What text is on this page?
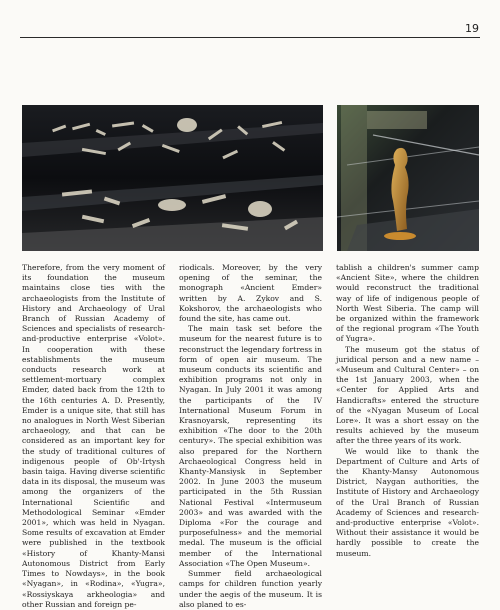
19

Therefore, from the very moment of its foundation the museum maintains close ties with the archaeologists from the Institute of History and Archaeology of Ural Branch of Russian Academy of Sciences and specialists of research-and-productive enterprise «Volot». In cooperation with these establishments the museum conducts research work at settlement-mortuary complex Emder, dated back from the 12th to the 16th centuries A. D. Presently, Emder is a unique site, that still has no analogues in North West Siberian archaeology, and that can be considered as an important key for the study of traditional cultures of indigenous people of Ob'-Irtysh basin taiga. Having diverse scientific data in its disposal, the museum was among the organizers of the International Scientific and Methodological Seminar «Emder 2001», which was held in Nyagan. Some results of excavation at Emder were published in the textbook «History of Khanty-Mansi Autonomous District from Early Times to Nowdays», in the book «Nyagan», in «Rodina», «Yugra», «Rossiyskaya arkheologia» and other Russian and foreign pe-

riodicals. Moreover, by the very opening of the seminar, the monograph «Ancient Emder» written by A. Zykov and S. Kokshorov, the archaeologists who found the site, has came out.

The main task set before the museum for the nearest future is to reconstruct the legendary fortress in form of open air museum. The museum conducts its scientific and exhibition programs not only in Nyagan. In July 2001 it was among the participants of the IV International Museum Forum in Krasnoyarsk, representing its exhibition «The door to the 20th century». The special exhibition was also prepared for the Northern Archaeological Congress held in Khanty-Mansiysk in September 2002. In June 2003 the museum participated in the 5th Russian National Festival «Intermuseum 2003» and was awarded with the Diploma «For the courage and purposefulness» and the memorial medal. The museum is the official member of the International Association «The Open Museum».

Summer field archaeological camps for children function yearly under the aegis of the museum. It is also planed to es-

tablish a children's summer camp «Ancient Site», where the children would reconstruct the traditional way of life of indigenous people of North West Siberia. The camp will be organized within the framework of the regional program «The Youth of Yugra».

The museum got the status of juridical person and a new name – «Museum and Cultural Center» – on the 1st January 2003, when the «Center for Applied Arts and Handicrafts» entered the structure of the «Nyagan Museum of Local Lore». It was a short essay on the results achieved by the museum after the three years of its work.

We would like to thank the Department of Culture and Arts of the Khanty-Mansy Autonomous District, Naygan authorities, the Institute of History and Archaeology of the Ural Branch of Russian Academy of Sciences and research-and-productive enterprise «Volot». Without their assistance it would be hardly possible to create the museum.
